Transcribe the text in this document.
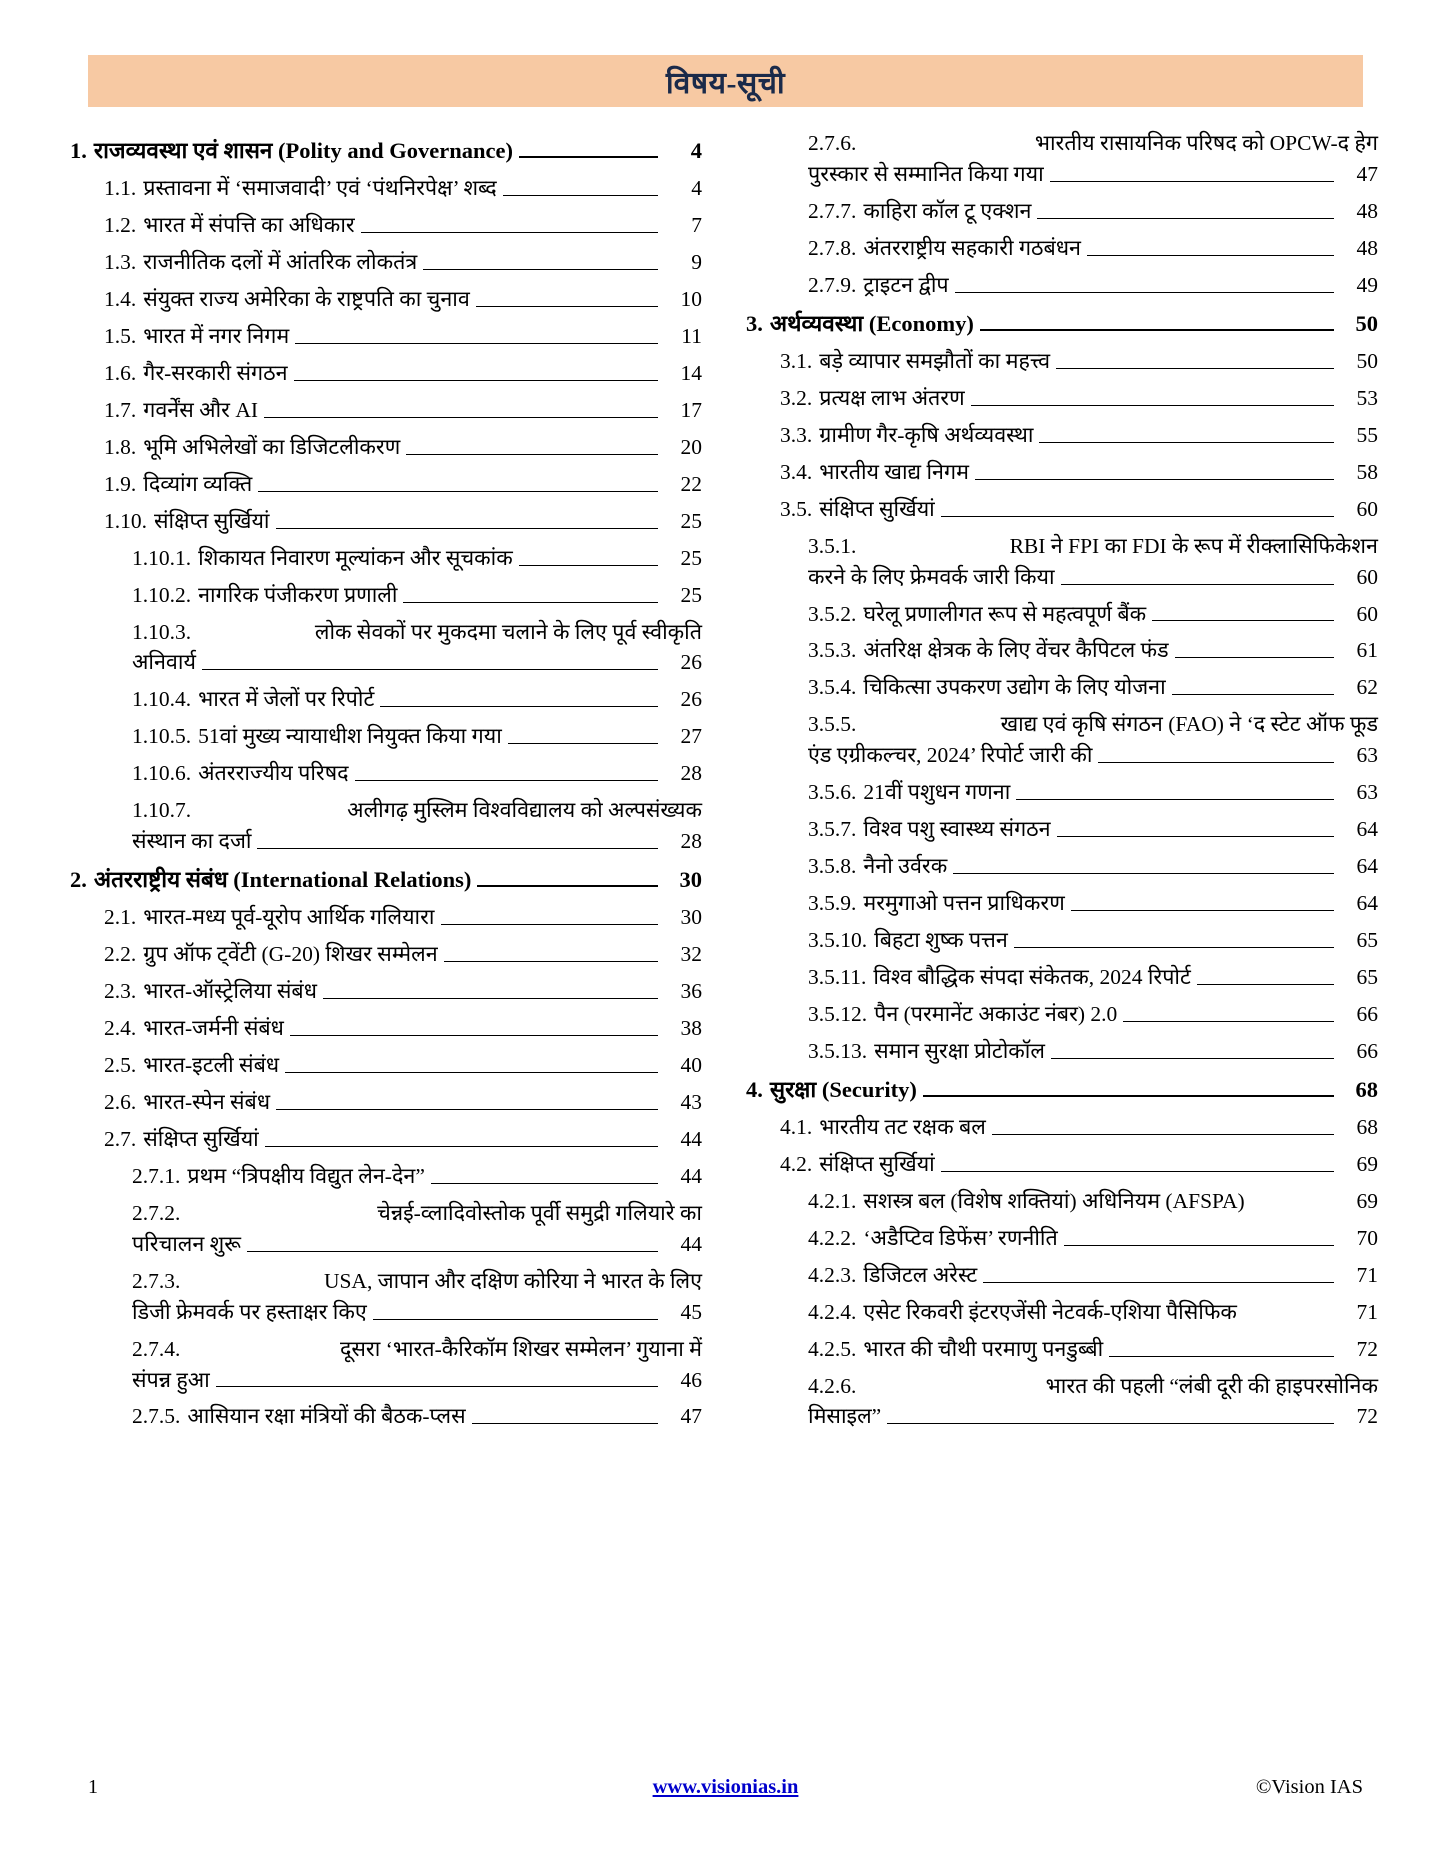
विषय-सूची
1. राजव्यवस्था एवं शासन (Polity and Governance)	4
1.1. प्रस्तावना में ‘समाजवादी’ एवं ‘पंथनिरपेक्ष’ शब्द	4
1.2. भारत में संपत्ति का अधिकार	7
1.3. राजनीतिक दलों में आंतरिक लोकतंत्र	9
1.4. संयुक्त राज्य अमेरिका के राष्ट्रपति का चुनाव	10
1.5. भारत में नगर निगम	11
1.6. गैर-सरकारी संगठन	14
1.7. गवर्नेंस और AI	17
1.8. भूमि अभिलेखों का डिजिटलीकरण	20
1.9. दिव्यांग व्यक्ति	22
1.10. संक्षिप्त सुर्खियां	25
1.10.1. शिकायत निवारण मूल्यांकन और सूचकांक	25
1.10.2. नागरिक पंजीकरण प्रणाली	25
1.10.3.	लोक सेवकों पर मुकदमा चलाने के लिए पूर्व स्वीकृति
अनिवार्य	26
1.10.4. भारत में जेलों पर रिपोर्ट	26
1.10.5. 51वां मुख्य न्यायाधीश नियुक्त किया गया	27
1.10.6. अंतरराज्यीय परिषद	28
1.10.7.	अलीगढ़ मुस्लिम विश्वविद्यालय को अल्पसंख्यक
संस्थान का दर्जा	28
2. अंतरराष्ट्रीय संबंध (International Relations)	30
2.1. भारत-मध्य पूर्व-यूरोप आर्थिक गलियारा	30
2.2. ग्रुप ऑफ ट्वेंटी (G-20) शिखर सम्मेलन	32
2.3. भारत-ऑस्ट्रेलिया संबंध	36
2.4. भारत-जर्मनी संबंध	38
2.5. भारत-इटली संबंध	40
2.6. भारत-स्पेन संबंध	43
2.7. संक्षिप्त सुर्खियां	44
2.7.1. प्रथम “त्रिपक्षीय विद्युत लेन-देन”	44
2.7.2.	चेन्नई-व्लादिवोस्तोक पूर्वी समुद्री गलियारे का
परिचालन शुरू	44
2.7.3.	USA, जापान और दक्षिण कोरिया ने भारत के लिए
डिजी फ्रेमवर्क पर हस्ताक्षर किए	45
2.7.4.	दूसरा ‘भारत-कैरिकॉम शिखर सम्मेलन’ गुयाना में
संपन्न हुआ	46
2.7.5. आसियान रक्षा मंत्रियों की बैठक-प्लस	47
2.7.6.	भारतीय रासायनिक परिषद को OPCW-द हेग
पुरस्कार से सम्मानित किया गया	47
2.7.7. काहिरा कॉल टू एक्शन	48
2.7.8. अंतरराष्ट्रीय सहकारी गठबंधन	48
2.7.9. ट्राइटन द्वीप	49
3. अर्थव्यवस्था (Economy)	50
3.1. बड़े व्यापार समझौतों का महत्त्व	50
3.2. प्रत्यक्ष लाभ अंतरण	53
3.3. ग्रामीण गैर-कृषि अर्थव्यवस्था	55
3.4. भारतीय खाद्य निगम	58
3.5. संक्षिप्त सुर्खियां	60
3.5.1.	RBI ने FPI का FDI के रूप में रीक्लासिफिकेशन
करने के लिए फ्रेमवर्क जारी किया	60
3.5.2. घरेलू प्रणालीगत रूप से महत्वपूर्ण बैंक	60
3.5.3. अंतरिक्ष क्षेत्रक के लिए वेंचर कैपिटल फंड	61
3.5.4. चिकित्सा उपकरण उद्योग के लिए योजना	62
3.5.5.	खाद्य एवं कृषि संगठन (FAO) ने ‘द स्टेट ऑफ फूड
एंड एग्रीकल्चर, 2024’ रिपोर्ट जारी की	63
3.5.6. 21वीं पशुधन गणना	63
3.5.7. विश्व पशु स्वास्थ्य संगठन	64
3.5.8. नैनो उर्वरक	64
3.5.9. मरमुगाओ पत्तन प्राधिकरण	64
3.5.10. बिहटा शुष्क पत्तन	65
3.5.11. विश्व बौद्धिक संपदा संकेतक, 2024 रिपोर्ट	65
3.5.12. पैन (परमानेंट अकाउंट नंबर) 2.0	66
3.5.13. समान सुरक्षा प्रोटोकॉल	66
4. सुरक्षा (Security)	68
4.1. भारतीय तट रक्षक बल	68
4.2. संक्षिप्त सुर्खियां	69
4.2.1. सशस्त्र बल (विशेष शक्तियां) अधिनियम (AFSPA)	69
4.2.2. ‘अडैप्टिव डिफेंस’ रणनीति	70
4.2.3. डिजिटल अरेस्ट	71
4.2.4. एसेट रिकवरी इंटरएजेंसी नेटवर्क-एशिया पैसिफिक	71
4.2.5. भारत की चौथी परमाणु पनडुब्बी	72
4.2.6.	भारत की पहली “लंबी दूरी की हाइपरसोनिक
मिसाइल”	72
1	www.visionias.in	©Vision IAS
